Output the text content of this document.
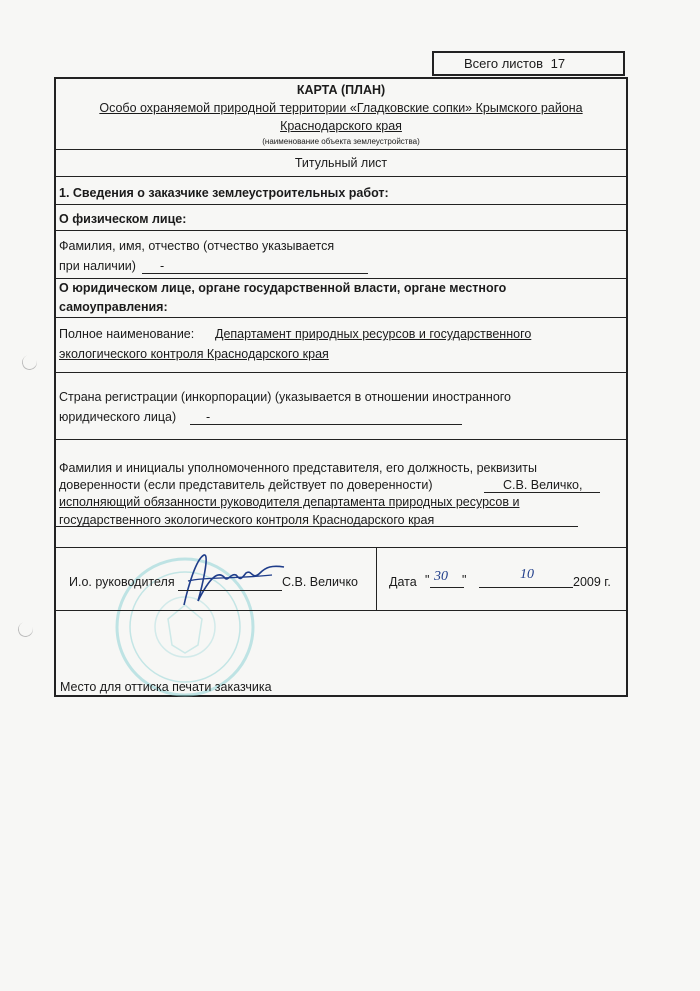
Всего листов 17
КАРТА (ПЛАН)
Особо охраняемой природной территории «Гладковские сопки» Крымского района
Краснодарского края
(наименование объекта землеустройства)
Титульный лист
1. Сведения о заказчике землеустроительных работ:
О физическом лице:
Фамилия, имя, отчество (отчество указывается
при наличии) -
О юридическом лице, органе государственной власти, органе местного
самоуправления:
Полное наименование: Департамент природных ресурсов и государственного
экологического контроля Краснодарского края
Страна регистрации (инкорпорации) (указывается в отношении иностранного
юридического лица) -
Фамилия и инициалы уполномоченного представителя, его должность, реквизиты
доверенности (если представитель действует по доверенности)	С.В. Величко,
исполняющий обязанности руководителя департамента природных ресурсов и
государственного экологического контроля Краснодарского края
И.о. руководителя	С.В. Величко Дата " 30 "	10	2009 г.
Место для оттиска печати заказчика
